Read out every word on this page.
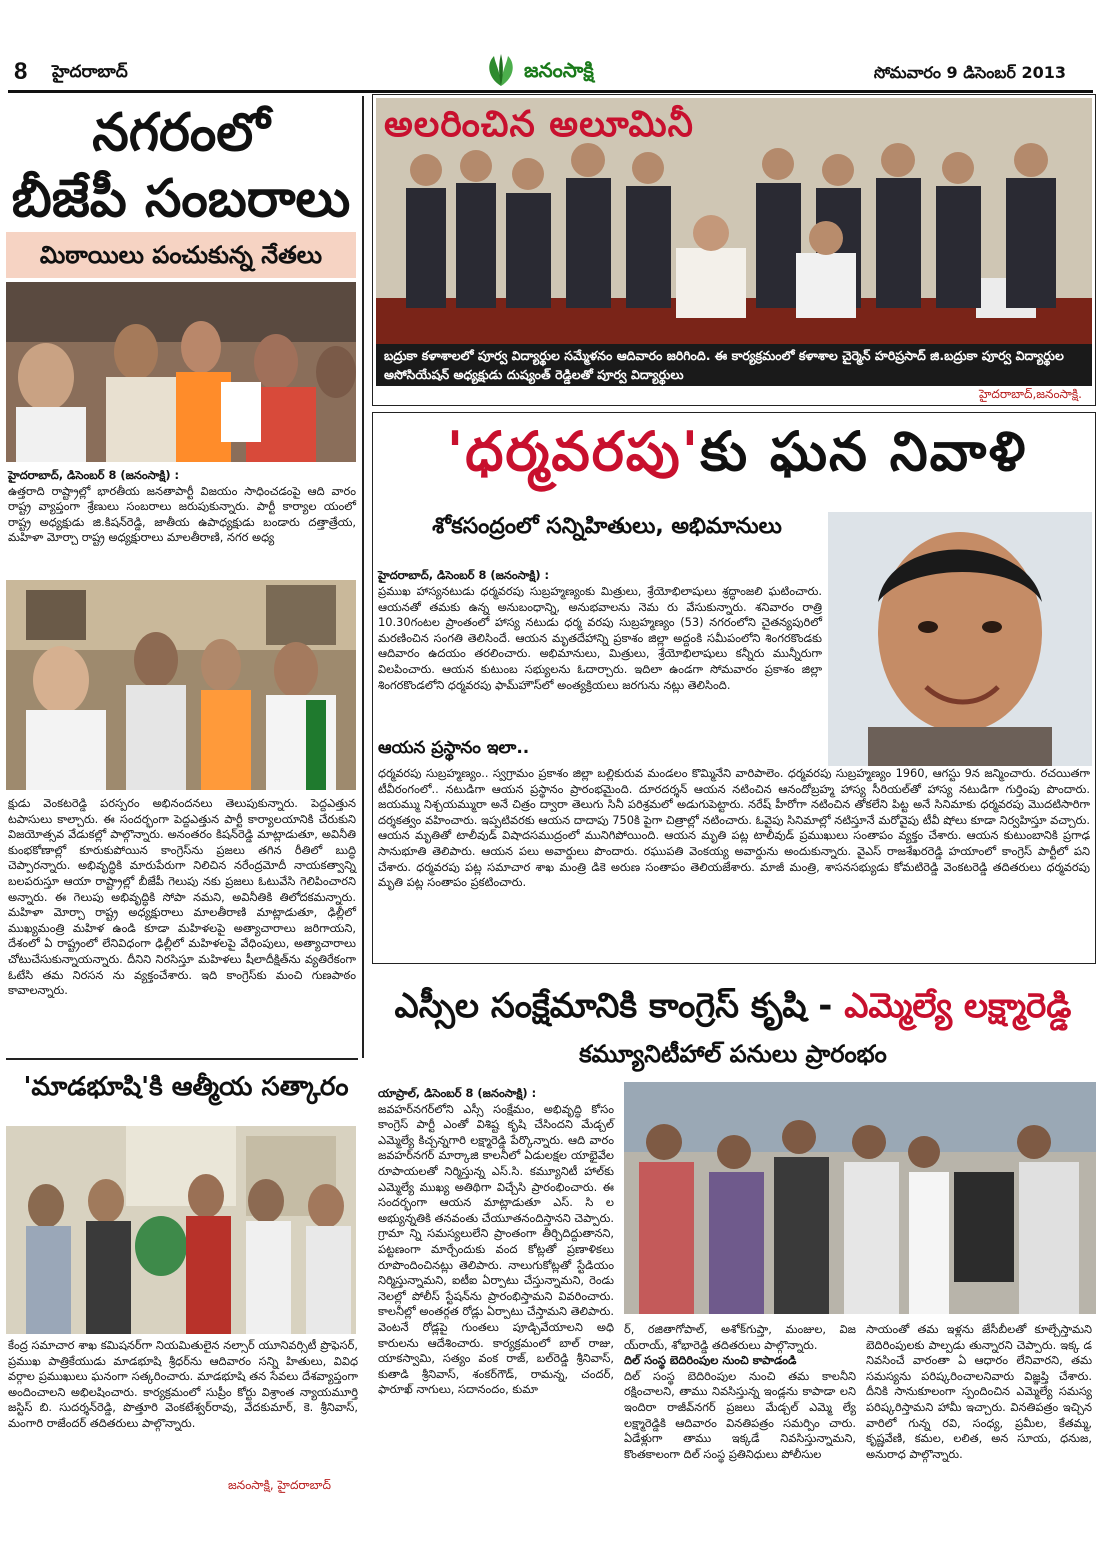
8 హైదరాబాద్	జనంసాక్షి	సోమవారం 9 డిసెంబర్ 2013
నగరంలో
బీజేపీ సంబరాలు
మిఠాయిలు పంచుకున్న నేతలు
హైదరాబాద్, డిసెంబర్ 8 (జనంసాక్షి) :
ఉత్తరాది రాష్ట్రాల్లో భారతీయ జనతాపార్టీ విజయం సాధించడంపై ఆది వారం రాష్ట్ర వ్యాప్తంగా శ్రేణులు సంబరాలు జరుపుకున్నారు. పార్టీ కార్యాల యంలో రాష్ట్ర అధ్యక్షుడు జి.కిషన్‌రెడ్డి, జాతీయ ఉపాధ్యక్షుడు బండారు దత్తాత్రేయ, మహిళా మోర్చా రాష్ట్ర అధ్యక్షురాలు మాలతీరాణి, నగర అధ్య
క్షుడు వెంకటరెడ్డి పరస్పరం అభినందనలు తెలుపుకున్నారు. పెద్దఎత్తున టపాసులు కాల్చారు. ఈ సందర్భంగా పెద్దఎత్తున పార్టీ కార్యాలయానికి చేరుకుని విజయోత్సవ వేడుకల్లో పాల్గొన్నారు. అనంతరం కిషన్‌రెడ్డి మాట్లాడుతూ, అవినీతి కుంభకోణాల్లో కూరుకుపోయిన కాంగ్రెస్‌ను ప్రజలు తగిన రీతిలో బుద్ధి చెప్పారన్నారు. అభివృద్ధికి మారుపేరుగా నిలిచిన నరేంద్రమోదీ నాయకత్వాన్ని బలపరుస్తూ ఆయా రాష్ట్రాల్లో బీజేపీ గెలుపు నకు ప్రజలు ఓటువేసి గెలిపించారని అన్నారు. ఈ గెలుపు అభివృద్ధికి సోపా నమని, అవినీతికి తిలోదకమన్నారు. మహిళా మోర్చా రాష్ట్ర అధ్యక్షురాలు మాలతీరాణి మాట్లాడుతూ, ఢిల్లీలో ముఖ్యమంత్రి మహిళ ఉండి కూడా మహిళలపై అత్యాచారాలు జరిగాయని, దేశంలో ఏ రాష్ట్రంలో లేనివిధంగా ఢిల్లీలో మహిళలపై వేధింపులు, అత్యాచారాలు చోటుచేసుకున్నాయన్నారు. దీనిని నిరసిస్తూ మహిళలు షీలాదీక్షిత్‌ను వ్యతిరేకంగా ఓటేసి తమ నిరసన ను వ్యక్తంచేశారు. ఇది కాంగ్రెస్‌కు మంచి గుణపాఠం కావాలన్నారు.
'మాడభూషి'కి ఆత్మీయ సత్కారం
కేంద్ర సమాచార శాఖ కమిషనర్‌గా నియమితులైన నల్సార్ యూనివర్సిటీ ప్రొఫెసర్, ప్రముఖ పాత్రికేయుడు మాడభూషి శ్రీధర్‌ను ఆదివారం సన్ని హితులు, వివిధ వర్గాల ప్రముఖులు ఘనంగా సత్కరించారు. మాడభూషి తన సేవలు దేశవ్యాప్తంగా అందించాలని అభిలషించారు. కార్యక్రమంలో సుప్రీం కోర్టు విశ్రాంత న్యాయమూర్తి జస్టిస్ బి. సుదర్శన్‌రెడ్డి, పొత్తూరి వెంకటేశ్వర్‌రావు, వేదకుమార్, కె. శ్రీనివాస్, మంగారి రాజేందర్ తదితరులు పాల్గొన్నారు.
జనంసాక్షి, హైదరాబాద్
అలరించిన అలూమినీ
బద్రుకా కళాశాలలో పూర్వ విద్యార్థుల సమ్మేళనం ఆదివారం జరిగింది. ఈ కార్యక్రమంలో కళాశాల చైర్మెన్ హరిప్రసాద్ జి.బద్రుకా పూర్వ విద్యార్థుల అసోసియేషన్ అధ్యక్షుడు దుష్యంత్ రెడ్డిలతో పూర్వ విద్యార్థులు
హైదరాబాద్,జనంసాక్షి.
'ధర్మవరపు'కు ఘన నివాళి
శోకసంద్రంలో సన్నిహితులు, అభిమానులు
హైదరాబాద్, డిసెంబర్ 8 (జనంసాక్షి) :
ప్రముఖ హాస్యనటుడు ధర్మవరపు సుబ్రహ్మణ్యంకు మిత్రులు, శ్రేయోభిలాషులు శ్రద్ధాంజలి ఘటించారు. ఆయనతో తమకు ఉన్న అనుబంధాన్ని, అనుభవాలను నెమ రు వేసుకున్నారు. శనివారం రాత్రి 10.30గంటల ప్రాంతంలో హాస్య నటుడు ధర్మ వరపు సుబ్రహ్మణ్యం (53) నగరంలోని చైతన్యపురిలో మరణించిన సంగతి తెలిసిందే. ఆయన మృతదేహాన్ని ప్రకాశం జిల్లా అద్దంకి సమీపంలోని శింగరకొండకు ఆదివారం ఉదయం తరలించారు. అభిమానులు, మిత్రులు, శ్రేయోభిలాషులు కన్నీరు మున్నీరుగా విలపించారు. ఆయన కుటుంబ సభ్యులను ఓదార్చారు. ఇదిలా ఉండగా సోమవారం ప్రకాశం జిల్లా శింగరకొండలోని ధర్మవరపు ఫామ్‌హౌస్‌లో అంత్యక్రియలు జరగును నట్లు తెలిసింది.
ఆయన ప్రస్థానం ఇలా..
ధర్మవరపు సుబ్రహ్మణ్యం.. స్వగ్రామం ప్రకాశం జిల్లా బల్లికురువ మండలం కొమ్మినేని వారిపాలెం. ధర్మవరపు సుబ్రహ్మణ్యం 1960, ఆగస్టు 9న జన్మించారు. రచయితగా టీవీరంగంలో.. నటుడిగా ఆయన ప్రస్థానం ప్రారంభమైంది. దూరదర్శన్ ఆయన నటించిన ఆనందోబ్రహ్మ హాస్య సీరియల్‌తో హాస్య నటుడిగా గుర్తింపు పొందారు. జయమ్ము నిశ్చయమ్మురా అనే చిత్రం ద్వారా తెలుగు సినీ పరిశ్రమలో అడుగుపెట్టారు. నరేష్ హీరోగా నటించిన తోకలేని పిట్ట అనే సినిమాకు ధర్మవరపు మొదటిసారిగా దర్శకత్వం వహించారు. ఇప్పటివరకు ఆయన దాదాపు 750కి పైగా చిత్రాల్లో నటించారు. ఓవైపు సినిమాల్లో నటిస్తూనే మరోవైపు టీవీ షోలు కూడా నిర్వహిస్తూ వచ్చారు. ఆయన మృతితో టాలీవుడ్ విషాదసముద్రంలో మునిగిపోయింది. ఆయన మృతి పట్ల టాలీవుడ్ ప్రముఖులు సంతాపం వ్యక్తం చేశారు. ఆయన కుటుంబానికి ప్రగాఢ సానుభూతి తెలిపారు. ఆయన పలు అవార్డులు పొందారు. రఘుపతి వెంకయ్య అవార్డును అందుకున్నారు. వైఎస్ రాజశేఖరరెడ్డి హయాంలో కాంగ్రెస్ పార్టీలో పని చేశారు. ధర్మవరపు పట్ల సమాచార శాఖ మంత్రి డికె అరుణ సంతాపం తెలియజేశారు. మాజీ మంత్రి, శాసనసభ్యుడు కోమటిరెడ్డి వెంకటరెడ్డి తదితరులు ధర్మవరపు మృతి పట్ల సంతాపం ప్రకటించారు.
ఎస్సీల సంక్షేమానికి కాంగ్రెస్ కృషి - ఎమ్మెల్యే లక్ష్మారెడ్డి
కమ్యూనిటీహాల్ పనులు ప్రారంభం
యాప్రాల్, డిసెంబర్ 8 (జనంసాక్షి) :
జవహర్‌నగర్‌లోని ఎస్సీ సంక్షేమం, అభివృద్ధి కోసం కాంగ్రెస్ పార్టీ ఎంతో విశిష్ట కృషి చేసిందని మేడ్చల్ ఎమ్మెల్యే కిచ్చన్నగారి లక్ష్మారెడ్డి పేర్కొన్నారు. ఆది వారం జవహర్‌నగర్ మార్కాజి కాలనీలో ఏడులక్షల యాభైవేల రూపాయలతో నిర్మిస్తున్న ఎస్.సి. కమ్యూనిటీ హాల్‌కు ఎమ్మెల్యే ముఖ్య అతిథిగా విచ్చేసి ప్రారంభించారు. ఈ సందర్భంగా ఆయన మాట్లాడుతూ ఎస్. సి ల అభ్యున్నతికి తనవంతు చేయూతనందిస్తానని చెప్పారు. గ్రామా న్ని సమస్యలులేని ప్రాంతంగా తీర్చిదిద్దుతానని, పట్టణంగా మార్చేందుకు వంద కోట్లతో ప్రణాళికలు రూపొందించినట్లు తెలిపారు. నాలుగుకోట్లతో స్టేడియం నిర్మిస్తున్నామని, ఐటీఐ ఏర్పాటు చేస్తున్నామని, రెండు నెలల్లో పోలీస్ స్టేషన్‌ను ప్రారంభిస్తామని వివరించారు. కాలనీల్లో అంతర్గత రోడ్లు ఏర్పాటు చేస్తామని తెలిపారు. వెంటనే రోడ్లపై గుంతలు పూడ్చివేయాలని అధి కారులను ఆదేశించారు. కార్యక్రమంలో బాల్ రాజు, యాకస్వామి, సత్యం వంక రాజ్, బల్‌రెడ్డి శ్రీనివాస్, కుతాడి శ్రీనివాస్, శంకర్‌గౌడ్, రామన్న, చందర్, ఫారూఖ్ నాగులు, సదానందం, కుమా
ర్, రజితాగోపాల్, అశోక్‌గుప్తా, మంజుల, విజ య్‌రాయ్, శోభారెడ్డి తదితరులు పాల్గొన్నారు.
దిల్ సంస్థ బెదిరింపుల నుంచి కాపాడండి
దిల్ సంస్థ బెదిరింపుల నుంచి తమ కాలనీని రక్షించాలని, తాము నివసిస్తున్న ఇండ్లను కాపాడా లని ఇందిరా రాజీవ్‌నగర్ ప్రజలు మేడ్చల్ ఎమ్మె ల్యే లక్ష్మారెడ్డికి ఆదివారం వినతిపత్రం సమర్పిం చారు. ఏడేళ్లుగా తాము ఇక్కడే నివసిస్తున్నామని, కొంతకాలంగా దిల్ సంస్థ ప్రతినిధులు పోలీసుల
సాయంతో తమ ఇళ్లను జేసీబీలతో కూల్చేస్తామని బెదిరింపులకు పాల్పడు తున్నారని చెప్పారు. ఇక్క డ నివసించే వారంతా ఏ ఆధారం లేనివారని, తమ సమస్యను పరిష్కరించాలనివారు విజ్ఞప్తి చేశారు. దీనికి సానుకూలంగా స్పందించిన ఎమ్మెల్యే సమస్య పరిష్కరిస్తామని హామీ ఇచ్చారు. వినతిపత్రం ఇచ్చిన వారిలో గున్న రవి, సంధ్య, ప్రమీల, కేతమ్మ, కృష్ణవేణి, కమల, లలిత, అన సూయ, ధనుజ, అనురాధ పాల్గొన్నారు.
